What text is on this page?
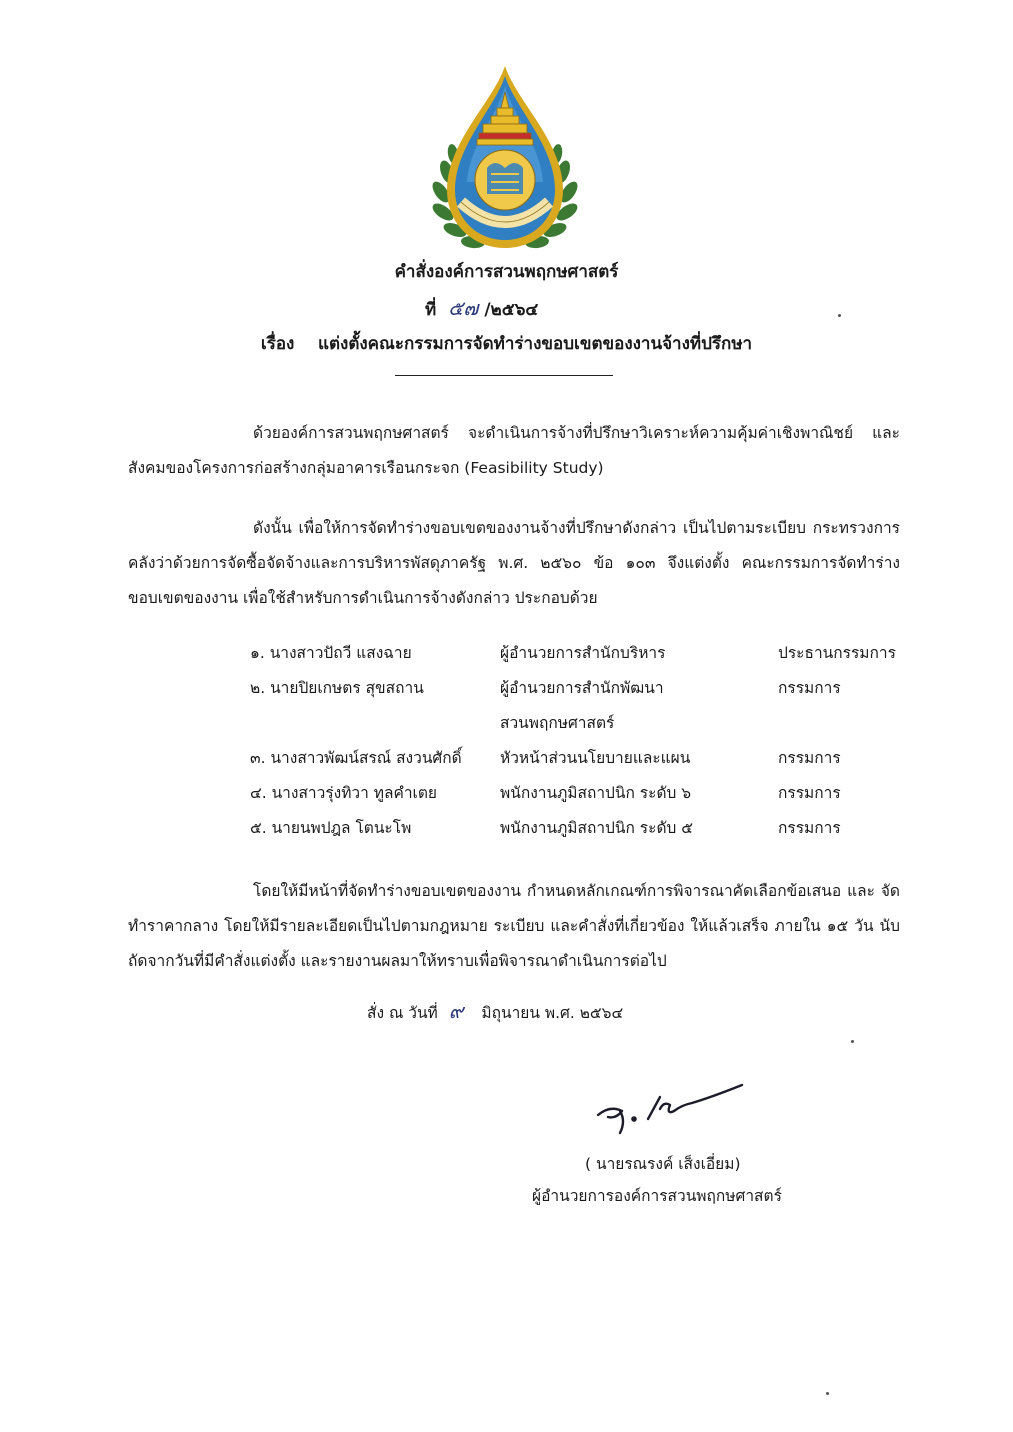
คำสั่งองค์การสวนพฤกษศาสตร์
ที่ ๕๗ /๒๕๖๔
เรื่อง แต่งตั้งคณะกรรมการจัดทำร่างขอบเขตของงานจ้างที่ปรึกษา
ด้วยองค์การสวนพฤกษศาสตร์ จะดำเนินการจ้างที่ปรึกษาวิเคราะห์ความคุ้มค่าเชิงพาณิชย์ และสังคมของโครงการก่อสร้างกลุ่มอาคารเรือนกระจก (Feasibility Study)
ดังนั้น เพื่อให้การจัดทำร่างขอบเขตของงานจ้างที่ปรึกษาดังกล่าว เป็นไปตามระเบียบ กระทรวงการคลังว่าด้วยการจัดซื้อจัดจ้างและการบริหารพัสดุภาครัฐ พ.ศ. ๒๕๖๐ ข้อ ๑๐๓ จึงแต่งตั้ง คณะกรรมการจัดทำร่างขอบเขตของงาน เพื่อใช้สำหรับการดำเนินการจ้างดังกล่าว ประกอบด้วย
๑. นางสาวปัถวี แสงฉาย	ผู้อำนวยการสำนักบริหาร	ประธานกรรมการ
๒. นายปิยเกษตร สุขสถาน	ผู้อำนวยการสำนักพัฒนา	กรรมการ
สวนพฤกษศาสตร์
๓. นางสาวพัฒน์สรณ์ สงวนศักดิ์	หัวหน้าส่วนนโยบายและแผน	กรรมการ
๔. นางสาวรุ่งทิวา ทูลคำเตย	พนักงานภูมิสถาปนิก ระดับ ๖	กรรมการ
๕. นายนพปฎล โตนะโพ	พนักงานภูมิสถาปนิก ระดับ ๕	กรรมการ
โดยให้มีหน้าที่จัดทำร่างขอบเขตของงาน กำหนดหลักเกณฑ์การพิจารณาคัดเลือกข้อเสนอ และ จัดทำราคากลาง โดยให้มีรายละเอียดเป็นไปตามกฎหมาย ระเบียบ และคำสั่งที่เกี่ยวข้อง ให้แล้วเสร็จ ภายใน ๑๕ วัน นับถัดจากวันที่มีคำสั่งแต่งตั้ง และรายงานผลมาให้ทราบเพื่อพิจารณาดำเนินการต่อไป
สั่ง ณ วันที่ ๙ มิถุนายน พ.ศ. ๒๕๖๔
( นายรณรงค์ เส็งเอี่ยม)
ผู้อำนวยการองค์การสวนพฤกษศาสตร์
